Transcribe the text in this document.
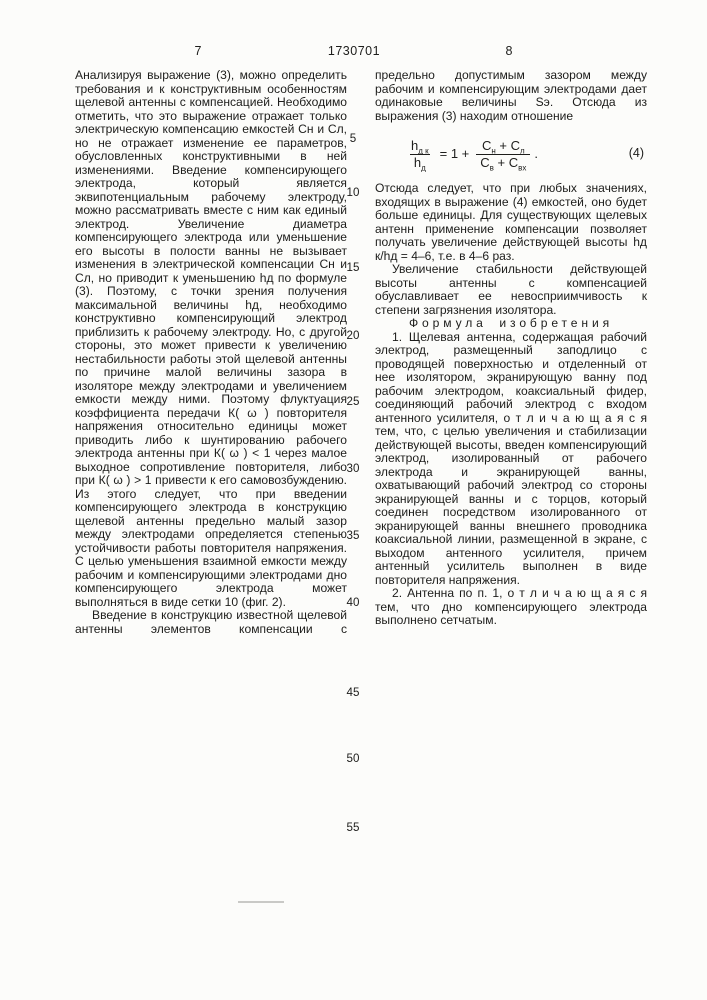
7	1730701	8

Анализируя выражение (3), можно определить требования и к конструктивным особенностям щелевой антенны с компенсацией. Необходимо отметить, что это выражение отражает только электрическую компенсацию емкостей Сн и Сл, но не отражает изменение ее параметров, обусловленных конструктивными в ней изменениями. Введение компенсирующего электрода, который является эквипотенциальным рабочему электроду, можно рассматривать вместе с ним как единый электрод. Увеличение диаметра компенсирующего электрода или уменьшение его высоты в полости ванны не вызывает изменения в электрической компенсации Сн и Сл, но приводит к уменьшению hд по формуле (3). Поэтому, с точки зрения получения максимальной величины hд, необходимо конструктивно компенсирующий электрод приблизить к рабочему электроду. Но, с другой стороны, это может привести к увеличению нестабильности работы этой щелевой антенны по причине малой величины зазора в изоляторе между электродами и увеличением емкости между ними. Поэтому флуктуация коэффициента передачи К( ω ) повторителя напряжения относительно единицы может приводить либо к шунтированию рабочего электрода антенны при К( ω ) < 1 через малое выходное сопротивление повторителя, либо при К( ω ) > 1 привести к его самовозбуждению. Из этого следует, что при введении компенсирующего электрода в конструкцию щелевой антенны предельно малый зазор между электродами определяется степенью устойчивости работы повторителя напряжения. С целью уменьшения взаимной емкости между рабочим и компенсирующими электродами дно компенсирующего электрода может выполняться в виде сетки 10 (фиг. 2).

Введение в конструкцию известной щелевой антенны элементов компенсации с

5
10
15
20
25
30
35
40
45
50
55

предельно допустимым зазором между рабочим и компенсирующим электродами дает одинаковые величины Sэ. Отсюда из выражения (3) находим отношение

$\frac{h_{д к}}{h_д} = 1 + \frac{С_н + С_л}{С_в + С_{вх}}$ .	(4)

Отсюда следует, что при любых значениях, входящих в выражение (4) емкостей, оно будет больше единицы. Для существующих щелевых антенн применение компенсации позволяет получать увеличение действующей высоты hд к/hд = 4–6, т.е. в 4–6 раз.

Увеличение стабильности действующей высоты антенны с компенсацией обуславливает ее невосприимчивость к степени загрязнения изолятора.

Формула изобретения

1. Щелевая антенна, содержащая рабочий электрод, размещенный заподлицо с проводящей поверхностью и отделенный от нее изолятором, экранирующую ванну под рабочим электродом, коаксиальный фидер, соединяющий рабочий электрод с входом антенного усилителя, о т л и ч а ю щ а я с я тем, что, с целью увеличения и стабилизации действующей высоты, введен компенсирующий электрод, изолированный от рабочего электрода и экранирующей ванны, охватывающий рабочий электрод со стороны экранирующей ванны и с торцов, который соединен посредством изолированного от экранирующей ванны внешнего проводника коаксиальной линии, размещенной в экране, с выходом антенного усилителя, причем антенный усилитель выполнен в виде повторителя напряжения.

2. Антенна по п. 1, о т л и ч а ю щ а я с я тем, что дно компенсирующего электрода выполнено сетчатым.
